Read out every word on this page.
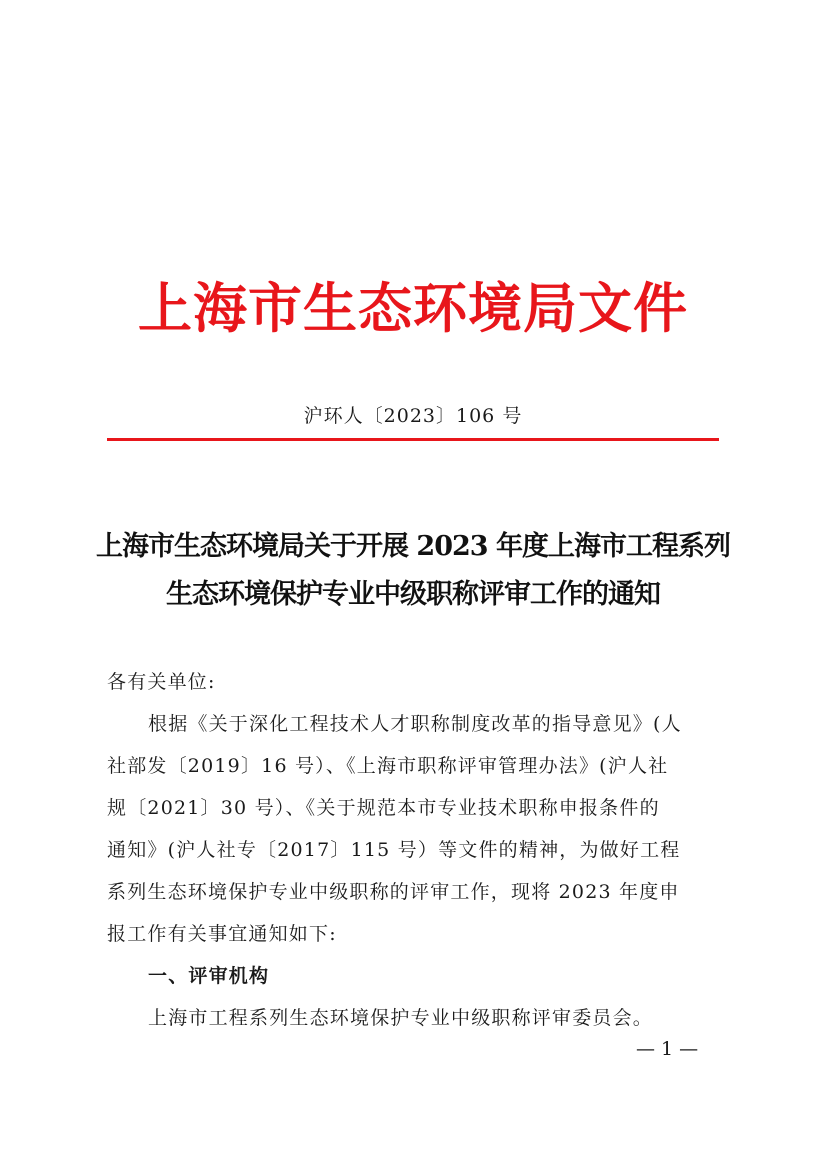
上海市生态环境局文件
沪环人〔2023〕106 号
上海市生态环境局关于开展 2023 年度上海市工程系列
生态环境保护专业中级职称评审工作的通知

各有关单位:

根据《关于深化工程技术人才职称制度改革的指导意见》(人

社部发〔2019〕16 号）、《上海市职称评审管理办法》(沪人社

规〔2021〕30 号）、《关于规范本市专业技术职称申报条件的

通知》(沪人社专〔2017〕115 号）等文件的精神，为做好工程

系列生态环境保护专业中级职称的评审工作，现将 2023 年度申

报工作有关事宜通知如下:

一、评审机构

上海市工程系列生态环境保护专业中级职称评审委员会。

— 1 —
